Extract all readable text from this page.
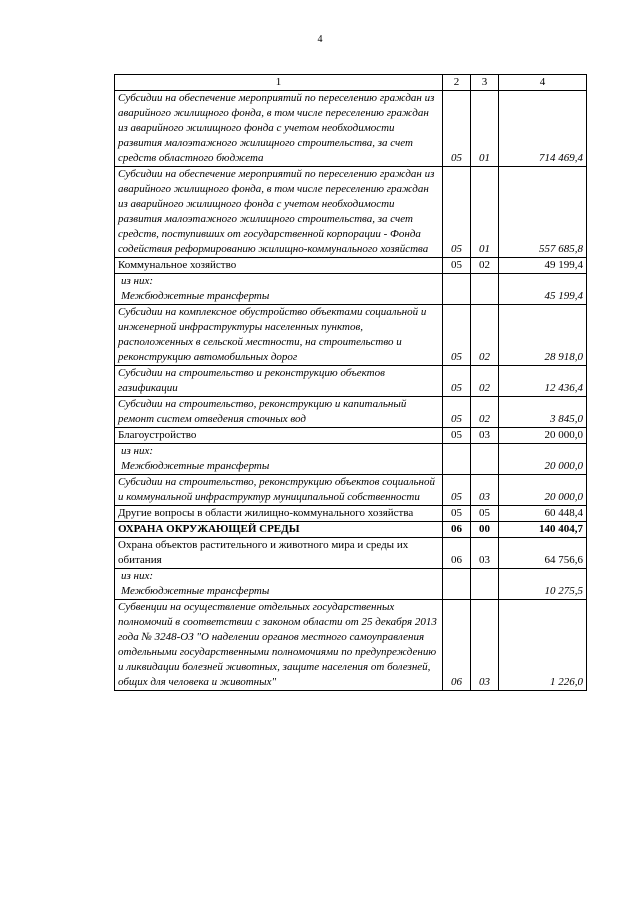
4
1	2	3	4
Субсидии на обеспечение мероприятий по переселению граждан из аварийного жилищного фонда, в том числе переселению граждан из аварийного жилищного фонда с учетом необходимости развития малоэтажного жилищного строительства, за счет средств областного бюджета	05	01	714 469,4
Субсидии на обеспечение мероприятий по переселению граждан из аварийного жилищного фонда, в том числе переселению граждан из аварийного жилищного фонда с учетом необходимости развития малоэтажного жилищного строительства, за счет средств, поступивших от государственной корпорации - Фонда содействия реформированию жилищно-коммунального хозяйства	05	01	557 685,8
Коммунальное хозяйство	05	02	49 199,4
из них:
Межбюджетные трансферты			45 199,4
Субсидии на комплексное обустройство объектами социальной и инженерной инфраструктуры населенных пунктов, расположенных в сельской местности, на строительство и реконструкцию автомобильных дорог	05	02	28 918,0
Субсидии на строительство и реконструкцию объектов газификации	05	02	12 436,4
Субсидии на строительство, реконструкцию и капитальный ремонт систем отведения сточных вод	05	02	3 845,0
Благоустройство	05	03	20 000,0
из них:
Межбюджетные трансферты			20 000,0
Субсидии на строительство, реконструкцию объектов социальной и коммунальной инфраструктур муниципальной собственности	05	03	20 000,0
Другие вопросы в области жилищно-коммунального хозяйства	05	05	60 448,4
ОХРАНА ОКРУЖАЮЩЕЙ СРЕДЫ	06	00	140 404,7
Охрана объектов растительного и животного мира и среды их обитания	06	03	64 756,6
из них:
Межбюджетные трансферты			10 275,5
Субвенции на осуществление отдельных государственных полномочий в соответствии с законом области от 25 декабря 2013 года № 3248-ОЗ "О наделении органов местного самоуправления отдельными государственными полномочиями по предупреждению и ликвидации болезней животных, защите населения от болезней, общих для человека и животных"	06	03	1 226,0
